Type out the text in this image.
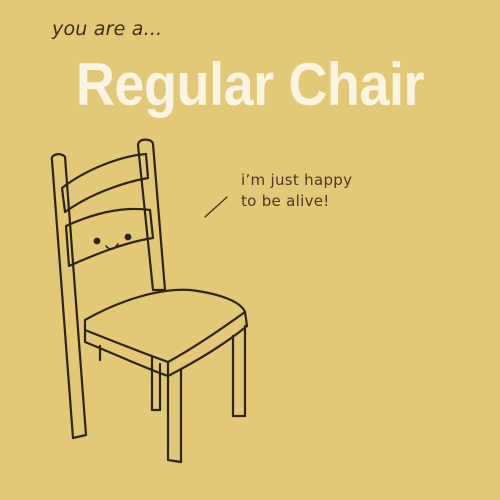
you are a...
Regular Chair
i’m just happy
to be alive!
